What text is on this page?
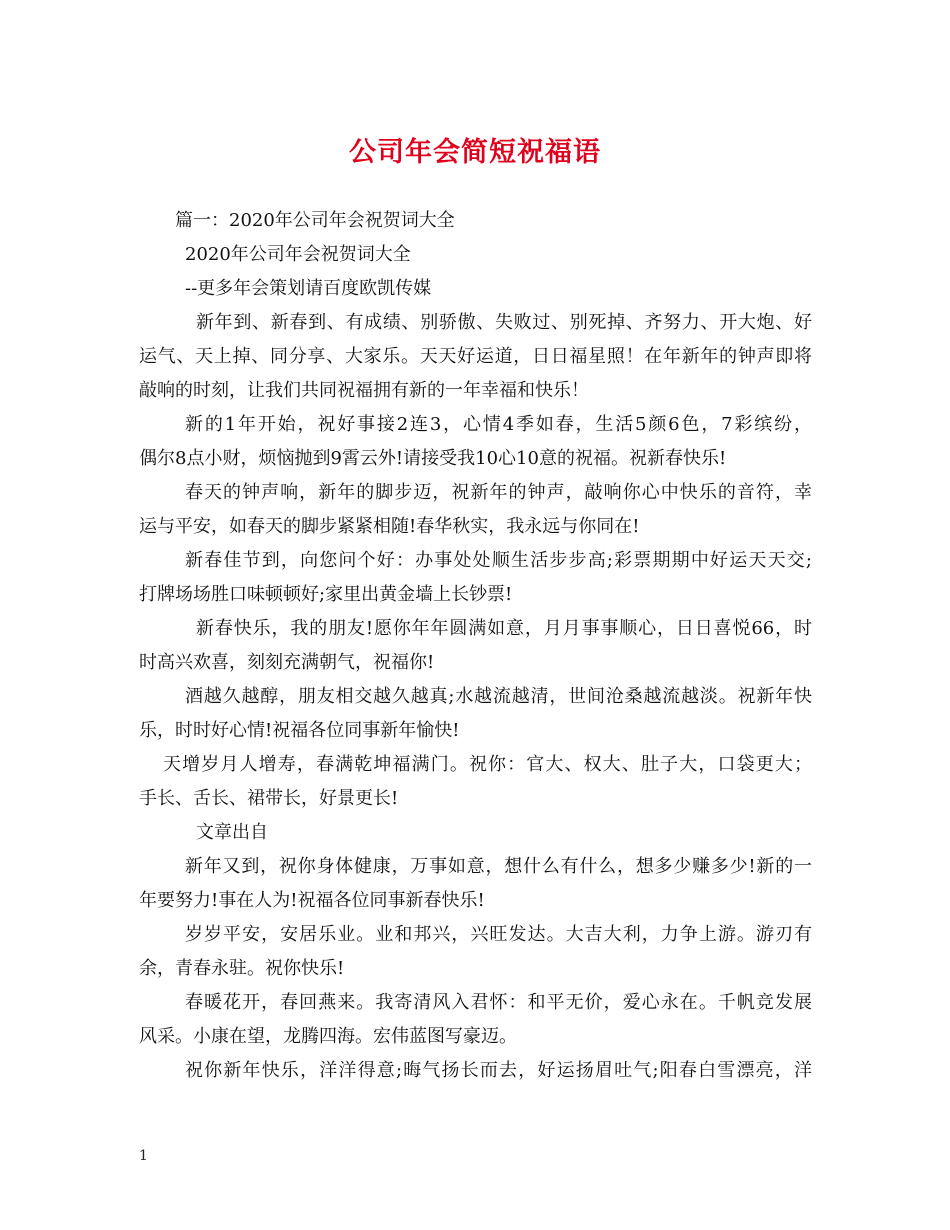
公司年会简短祝福语
篇一：2020年公司年会祝贺词大全
2020年公司年会祝贺词大全
--更多年会策划请百度欧凯传媒
新年到、新春到、有成绩、别骄傲、失败过、别死掉、齐努力、开大炮、好
运气、天上掉、同分享、大家乐。天天好运道，日日福星照！在年新年的钟声即将
敲响的时刻，让我们共同祝福拥有新的一年幸福和快乐！
新的1年开始，祝好事接2连3，心情4季如春，生活5颜6色，7彩缤纷，
偶尔8点小财，烦恼抛到9霄云外!请接受我10心10意的祝福。祝新春快乐!
春天的钟声响，新年的脚步迈，祝新年的钟声，敲响你心中快乐的音符，幸
运与平安，如春天的脚步紧紧相随!春华秋实，我永远与你同在!
新春佳节到，向您问个好：办事处处顺生活步步高;彩票期期中好运天天交;
打牌场场胜口味顿顿好;家里出黄金墙上长钞票!
新春快乐，我的朋友!愿你年年圆满如意，月月事事顺心，日日喜悦66，时
时高兴欢喜，刻刻充满朝气，祝福你!
酒越久越醇，朋友相交越久越真;水越流越清，世间沧桑越流越淡。祝新年快
乐，时时好心情!祝福各位同事新年愉快!
天增岁月人增寿，春满乾坤福满门。祝你：官大、权大、肚子大，口袋更大；
手长、舌长、裙带长，好景更长!
文章出自
新年又到，祝你身体健康，万事如意，想什么有什么，想多少赚多少!新的一
年要努力!事在人为!祝福各位同事新春快乐!
岁岁平安，安居乐业。业和邦兴，兴旺发达。大吉大利，力争上游。游刃有
余，青春永驻。祝你快乐!
春暖花开，春回燕来。我寄清风入君怀：和平无价，爱心永在。千帆竞发展
风采。小康在望，龙腾四海。宏伟蓝图写豪迈。
祝你新年快乐，洋洋得意;晦气扬长而去，好运扬眉吐气;阳春白雪漂亮，洋
1
